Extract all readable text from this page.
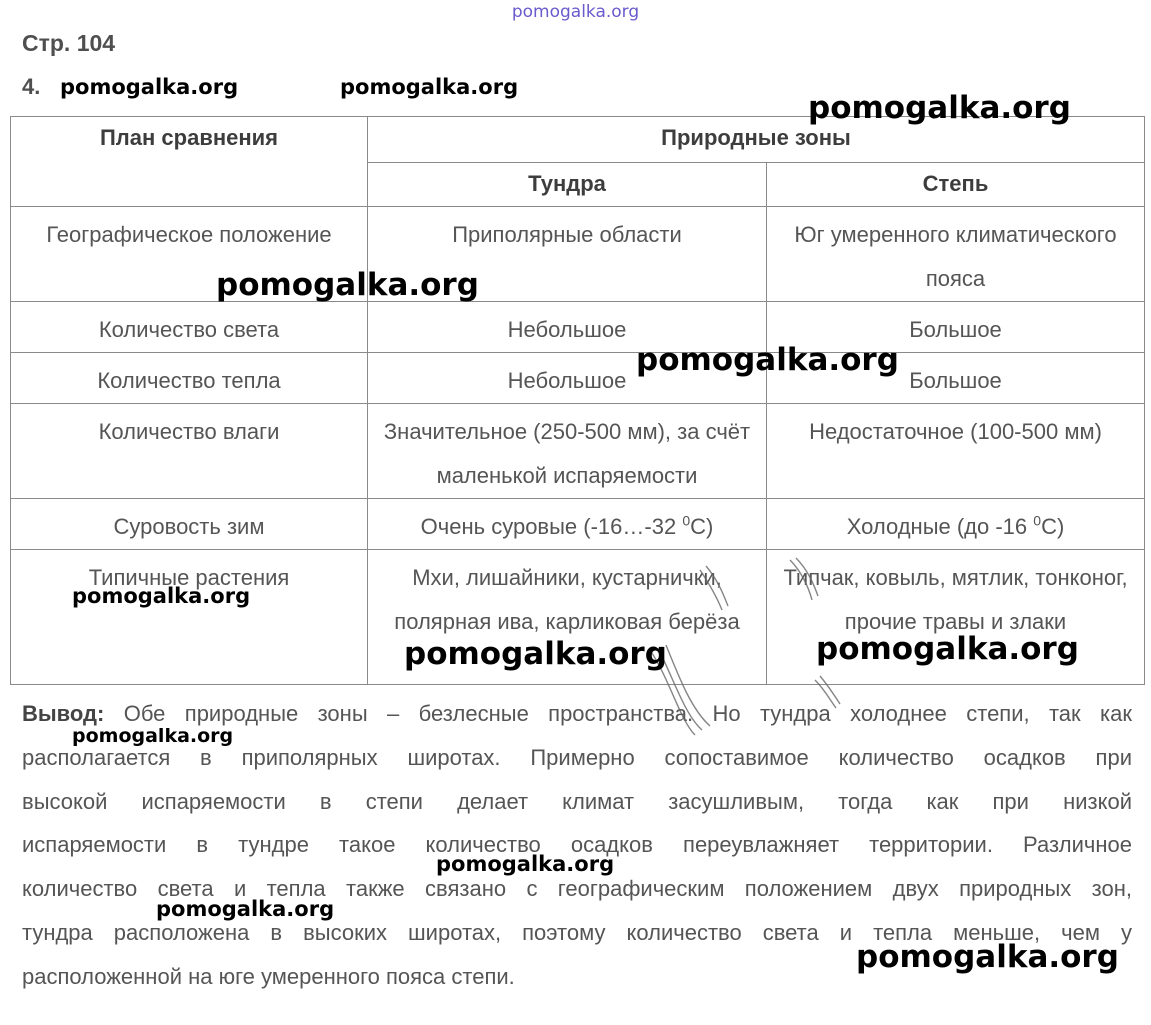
pomogalka.org
Стр. 104
4.
План сравнения	Природные зоны	
	Тундра	Степь
Географическое положение	Приполярные области	Юг умеренного климатического пояса
Количество света	Небольшое	Большое
Количество тепла	Небольшое	Большое
Количество влаги	Значительное (250-500 мм), за счёт маленькой испаряемости	Недостаточное (100-500 мм)
Суровость зим	Очень суровые (-16…-32 $^0$С)	Холодные (до -16 $^0$С)
Типичные растения	Мхи, лишайники, кустарнички, полярная ива, карликовая берёза	Типчак, ковыль, мятлик, тонконог, прочие травы и злаки
pomogalka.org	pomogalka.org
pomogalka.org
pomogalka.org
pomogalka.org
pomogalka.org
pomogalka.org	pomogalka.org
pomogalka.org
pomogalka.org
pomogalka.org
pomogalka.org
Вывод: Обе природные зоны – безлесные пространства. Но тундра холоднее степи, так как
располагается в приполярных широтах. Примерно сопоставимое количество осадков при
высокой испаряемости в степи делает климат засушливым, тогда как при низкой
испаряемости в тундре такое количество осадков переувлажняет территории. Различное
количество света и тепла также связано с географическим положением двух природных зон,
тундра расположена в высоких широтах, поэтому количество света и тепла меньше, чем у
расположенной на юге умеренного пояса степи.
